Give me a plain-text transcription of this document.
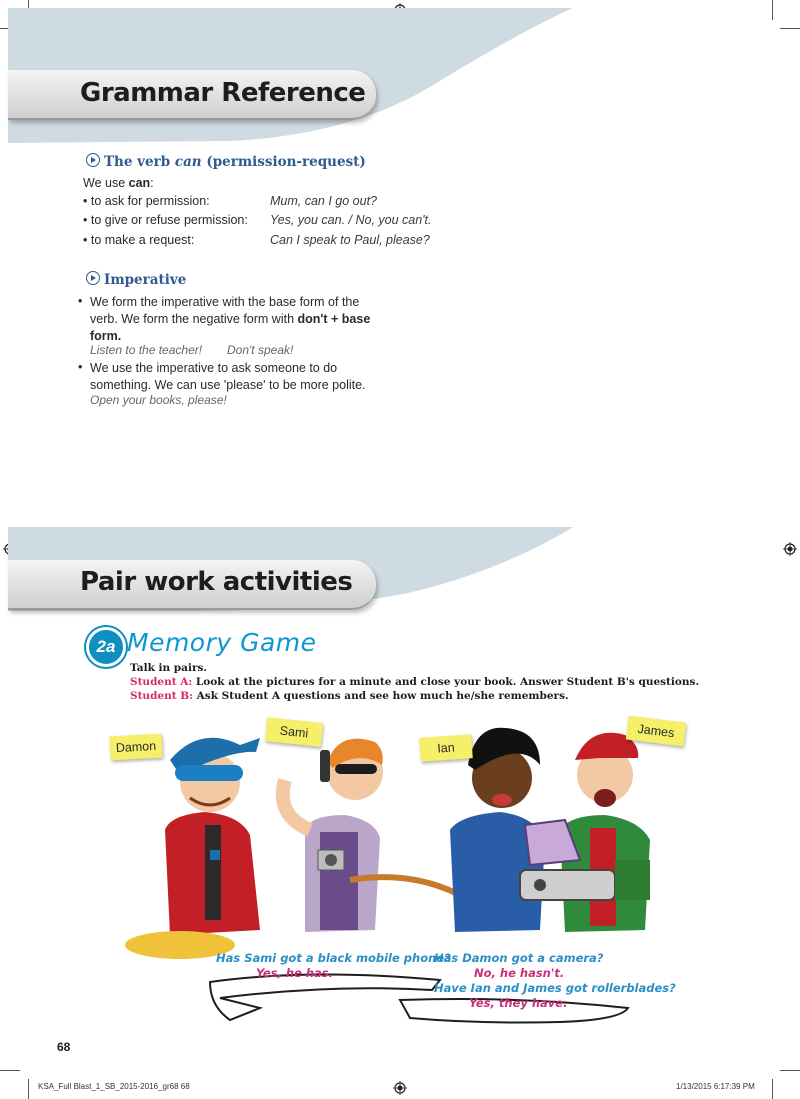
Grammar Reference
The verb can (permission-request)
We use can:
• to ask for permission:	Mum, can I go out?
• to give or refuse permission: Yes, you can. / No, you can't.
• to make a request:	Can I speak to Paul, please?
Imperative
• We form the imperative with the base form of the
verb. We form the negative form with don't + base
form.
Listen to the teacher! Don't speak!
• We use the imperative to ask someone to do
something. We can use 'please' to be more polite.
Open your books, please!
Pair work activities
2a Memory Game
Talk in pairs.
Student A: Look at the pictures for a minute and close your book. Answer Student B's questions.
Student B: Ask Student A questions and see how much he/she remembers.
Damon
Sami
Ian
James
Has Sami got a black mobile phone?
Yes, he has.
Has Damon got a camera?
No, he hasn't.
Have Ian and James got rollerblades?
Yes, they have.
68
KSA_Full Blast_1_SB_2015-2016_gr68 68	1/13/2015 6:17:39 PM
